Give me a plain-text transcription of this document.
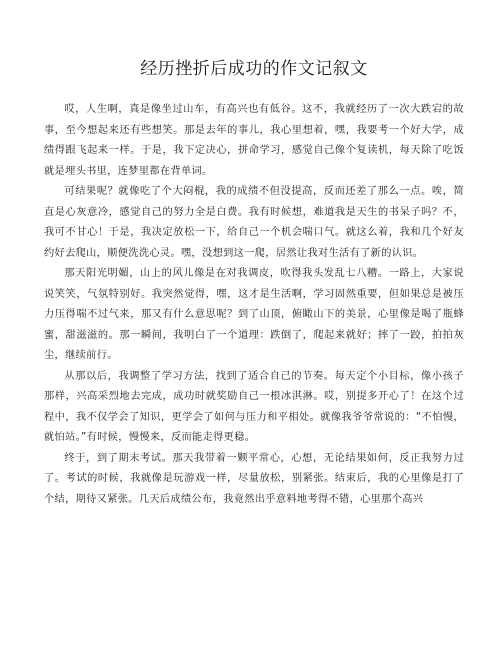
经历挫折后成功的作文记叙文

哎，人生啊，真是像坐过山车，有高兴也有低谷。这不，我就经历了一次大跌宕的故事，至今想起来还有些想笑。那是去年的事儿，我心里想着，嘿，我要考一个好大学，成绩得跟飞起来一样。于是，我下定决心，拼命学习，感觉自己像个复读机，每天除了吃饭就是埋头书里，连梦里都在背单词。

可结果呢？就像吃了个大闷棍，我的成绩不但没提高，反而还差了那么一点。唉，简直是心灰意冷，感觉自己的努力全是白费。我有时候想，难道我是天生的书呆子吗？不，我可不甘心！于是，我决定放松一下，给自己一个机会喘口气。就这么着，我和几个好友约好去爬山，顺便洗洗心灵。嘿，没想到这一爬，居然让我对生活有了新的认识。

那天阳光明媚，山上的风儿像是在对我调皮，吹得我头发乱七八糟。一路上，大家说说笑笑，气氛特别好。我突然觉得，嘿，这才是生活啊，学习固然重要，但如果总是被压力压得喘不过气来，那又有什么意思呢？到了山顶，俯瞰山下的美景，心里像是喝了瓶蜂蜜，甜滋滋的。那一瞬间，我明白了一个道理：跌倒了，爬起来就好；摔了一跤，拍拍灰尘，继续前行。

从那以后，我调整了学习方法，找到了适合自己的节奏。每天定个小目标，像小孩子那样，兴高采烈地去完成，成功时就奖励自己一根冰淇淋。哎，别提多开心了！在这个过程中，我不仅学会了知识，更学会了如何与压力和平相处。就像我爷爷常说的：“不怕慢，就怕站。”有时候，慢慢来，反而能走得更稳。

终于，到了期末考试。那天我带着一颗平常心，心想，无论结果如何，反正我努力过了。考试的时候，我就像是玩游戏一样，尽量放松，别紧张。结束后，我的心里像是打了个结，期待又紧张。几天后成绩公布，我竟然出乎意料地考得不错，心里那个高兴
